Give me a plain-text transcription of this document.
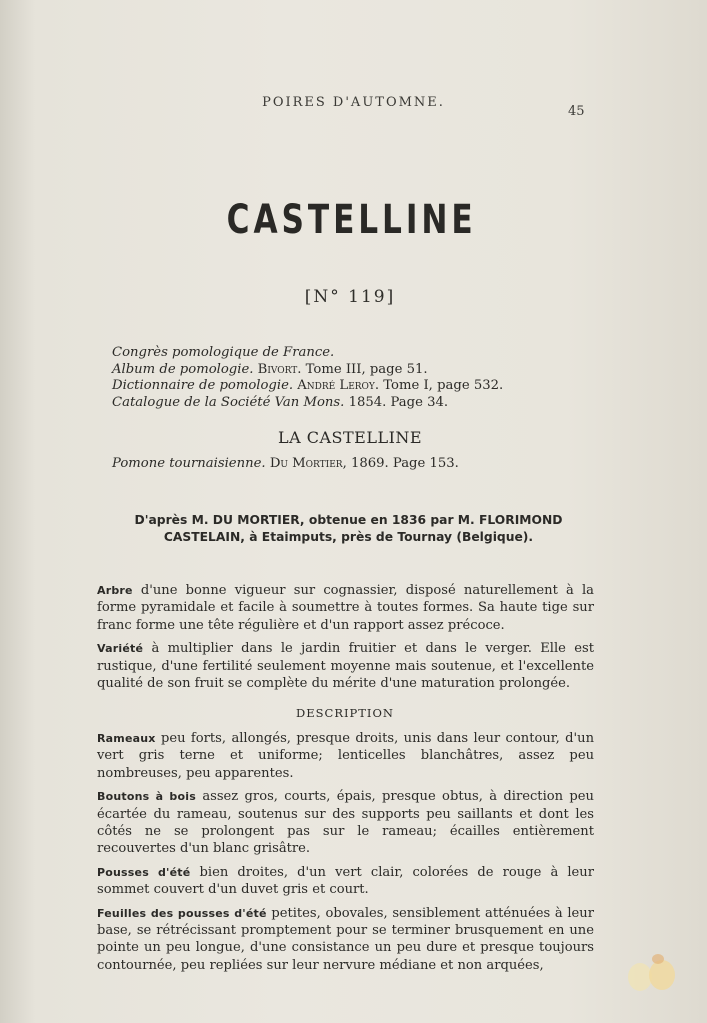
POIRES D'AUTOMNE.
45
CASTELLINE
[N° 119]
Congrès pomologique de France.
Album de pomologie. Bivort. Tome III, page 51.
Dictionnaire de pomologie. André Leroy. Tome I, page 532.
Catalogue de la Société Van Mons. 1854. Page 34.
LA CASTELLINE
Pomone tournaisienne. Du Mortier, 1869. Page 153.
D'après M. DU MORTIER, obtenue en 1836 par M. FLORIMOND
CASTELAIN, à Etaimputs, près de Tournay (Belgique).

Arbre d'une bonne vigueur sur cognassier, disposé naturellement à la forme pyramidale et facile à soumettre à toutes formes. Sa haute tige sur franc forme une tête régulière et d'un rapport assez précoce.

Variété à multiplier dans le jardin fruitier et dans le verger. Elle est rustique, d'une fertilité seulement moyenne mais soutenue, et l'excellente qualité de son fruit se complète du mérite d'une maturation prolongée.

DESCRIPTION

Rameaux peu forts, allongés, presque droits, unis dans leur contour, d'un vert gris terne et uniforme; lenticelles blanchâtres, assez peu nombreuses, peu apparentes.

Boutons à bois assez gros, courts, épais, presque obtus, à direction peu écartée du rameau, soutenus sur des supports peu saillants et dont les côtés ne se prolongent pas sur le rameau; écailles entièrement recouvertes d'un blanc grisâtre.

Pousses d'été bien droites, d'un vert clair, colorées de rouge à leur sommet couvert d'un duvet gris et court.

Feuilles des pousses d'été petites, obovales, sensiblement atténuées à leur base, se rétrécissant promptement pour se terminer brusquement en une pointe un peu longue, d'une consistance un peu dure et presque toujours contournée, peu repliées sur leur nervure médiane et non arquées,
